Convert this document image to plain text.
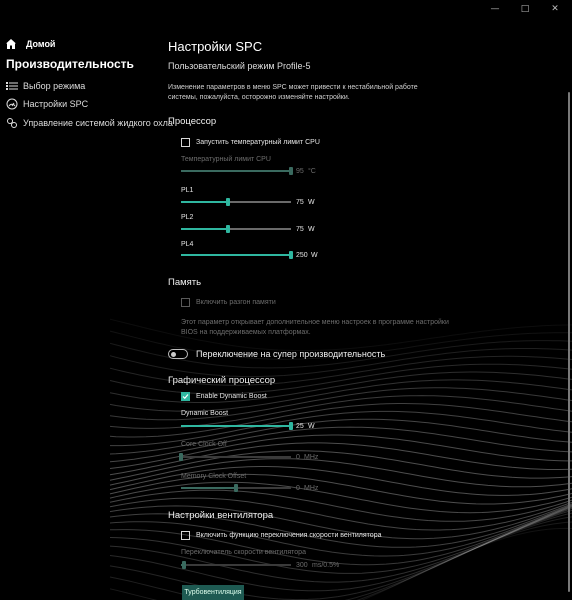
—	□	✕
Домой
Производительность
Выбор режима
Настройки SPC
Управление системой жидкого охла
Настройки SPC
Пользовательский режим Profile-5
Изменение параметров в меню SPC может привести к нестабильной работе системы, пожалуйста, осторожно изменяйте настройки.
Процессор
Запустить температурный лимит CPU
Температурный лимит CPU
95 °C
PL1
75 W
PL2
75 W
PL4
250 W
Память
Включить разгон памяти
Этот параметр открывает дополнительное меню настроек в программе настройки BIOS на поддерживаемых платформах.
Переключение на супер производительность
Графический процессор
Enable Dynamic Boost
Dynamic Boost
25 W
Core Clock Off
0 MHz
Memory Clock Offset
0 MHz
Настройки вентилятора
Включить функцию переключения скорости вентилятора
Переключатель скорости вентилятора
300 ms/0.5%
Турбовентиляция
